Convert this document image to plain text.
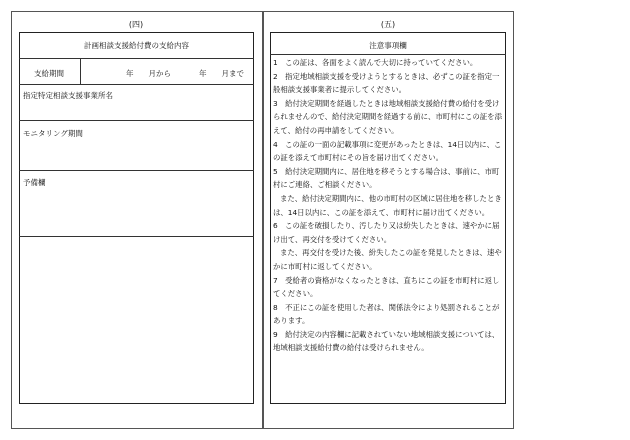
(四)
計画相談支援給付費の支給内容
支給期間	年　　月から	年　　月まで
指定特定相談支援事業所名
モニタリング期間
予備欄
(五)
注意事項欄

1　この証は、各面をよく読んで大切に持っていてください。

2　指定地域相談支援を受けようとするときは、必ずこの証を指定一般相談支援事業者に提示してください。

3　給付決定期間を経過したときは地域相談支援給付費の給付を受けられませんので、給付決定期間を経過する前に、市町村にこの証を添えて、給付の再申請をしてください。

4　この証の一面の記載事項に変更があったときは、14日以内に、この証を添えて市町村にその旨を届け出てください。

5　給付決定期間内に、居住地を移そうとする場合は、事前に、市町村にご連絡、ご相談ください。

また、給付決定期間内に、他の市町村の区域に居住地を移したときは、14日以内に、この証を添えて、市町村に届け出てください。

6　この証を破損したり、汚したり又は紛失したときは、速やかに届け出て、再交付を受けてください。

また、再交付を受けた後、紛失したこの証を発見したときは、速やかに市町村に返してください。

7　受給者の資格がなくなったときは、直ちにこの証を市町村に返してください。

8　不正にこの証を使用した者は、関係法令により処罰されることがあります。

9　給付決定の内容欄に記載されていない地域相談支援については、地域相談支援給付費の給付は受けられません。
